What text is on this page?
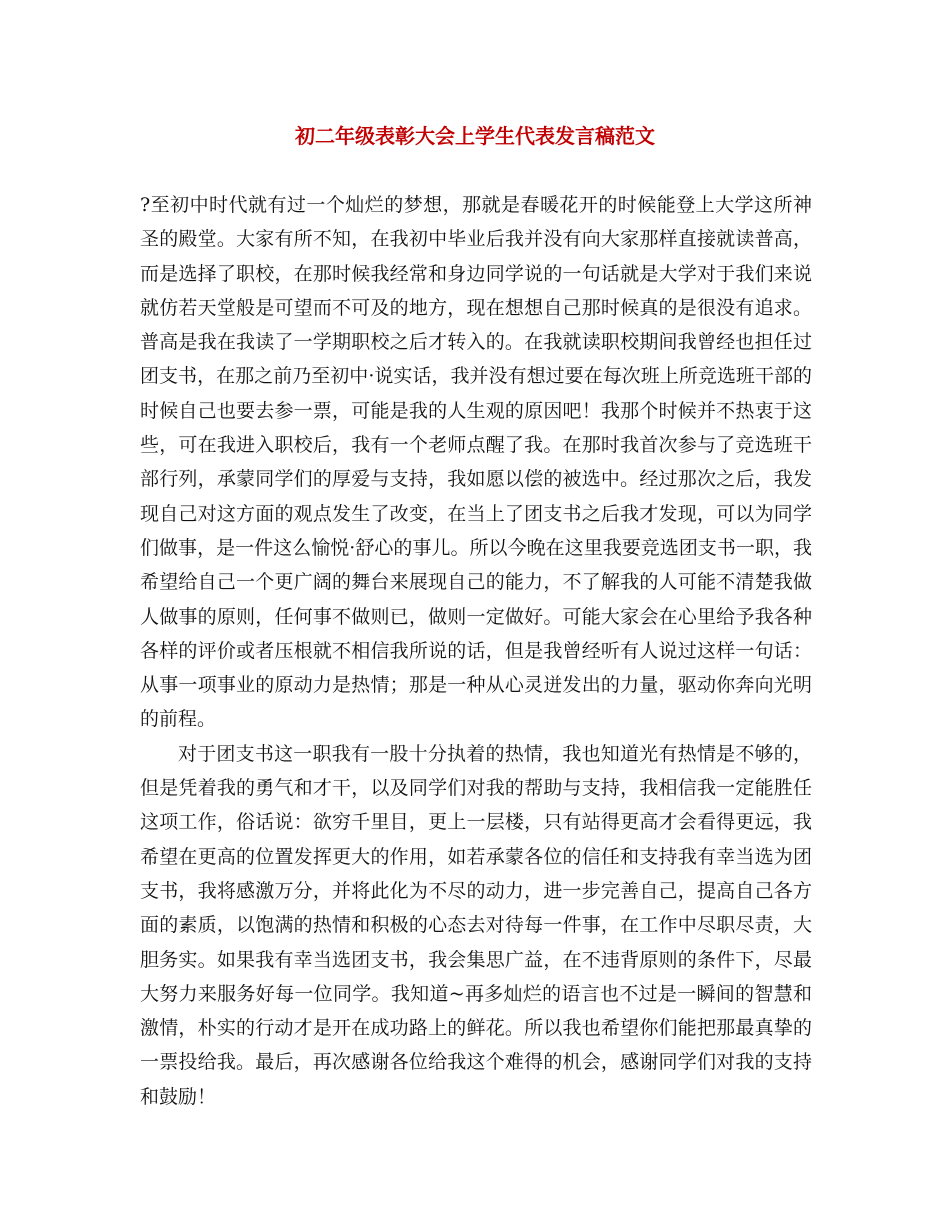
初二年级表彰大会上学生代表发言稿范文

?至初中时代就有过一个灿烂的梦想，那就是春暖花开的时候能登上大学这所神圣的殿堂。大家有所不知，在我初中毕业后我并没有向大家那样直接就读普高，而是选择了职校，在那时候我经常和身边同学说的一句话就是大学对于我们来说就仿若天堂般是可望而不可及的地方，现在想想自己那时候真的是很没有追求。普高是我在我读了一学期职校之后才转入的。在我就读职校期间我曾经也担任过团支书，在那之前乃至初中·说实话，我并没有想过要在每次班上所竞选班干部的时候自己也要去参一票，可能是我的人生观的原因吧！我那个时候并不热衷于这些，可在我进入职校后，我有一个老师点醒了我。在那时我首次参与了竞选班干部行列，承蒙同学们的厚爱与支持，我如愿以偿的被选中。经过那次之后，我发现自己对这方面的观点发生了改变，在当上了团支书之后我才发现，可以为同学们做事，是一件这么愉悦·舒心的事儿。所以今晚在这里我要竞选团支书一职，我希望给自己一个更广阔的舞台来展现自己的能力，不了解我的人可能不清楚我做人做事的原则，任何事不做则已，做则一定做好。可能大家会在心里给予我各种各样的评价或者压根就不相信我所说的话，但是我曾经听有人说过这样一句话：从事一项事业的原动力是热情；那是一种从心灵迸发出的力量，驱动你奔向光明的前程。

对于团支书这一职我有一股十分执着的热情，我也知道光有热情是不够的，但是凭着我的勇气和才干，以及同学们对我的帮助与支持，我相信我一定能胜任这项工作，俗话说：欲穷千里目，更上一层楼，只有站得更高才会看得更远，我希望在更高的位置发挥更大的作用，如若承蒙各位的信任和支持我有幸当选为团支书，我将感激万分，并将此化为不尽的动力，进一步完善自己，提高自己各方面的素质，以饱满的热情和积极的心态去对待每一件事，在工作中尽职尽责，大胆务实。如果我有幸当选团支书，我会集思广益，在不违背原则的条件下，尽最大努力来服务好每一位同学。我知道~再多灿烂的语言也不过是一瞬间的智慧和激情，朴实的行动才是开在成功路上的鲜花。所以我也希望你们能把那最真挚的一票投给我。最后，再次感谢各位给我这个难得的机会，感谢同学们对我的支持和鼓励！
